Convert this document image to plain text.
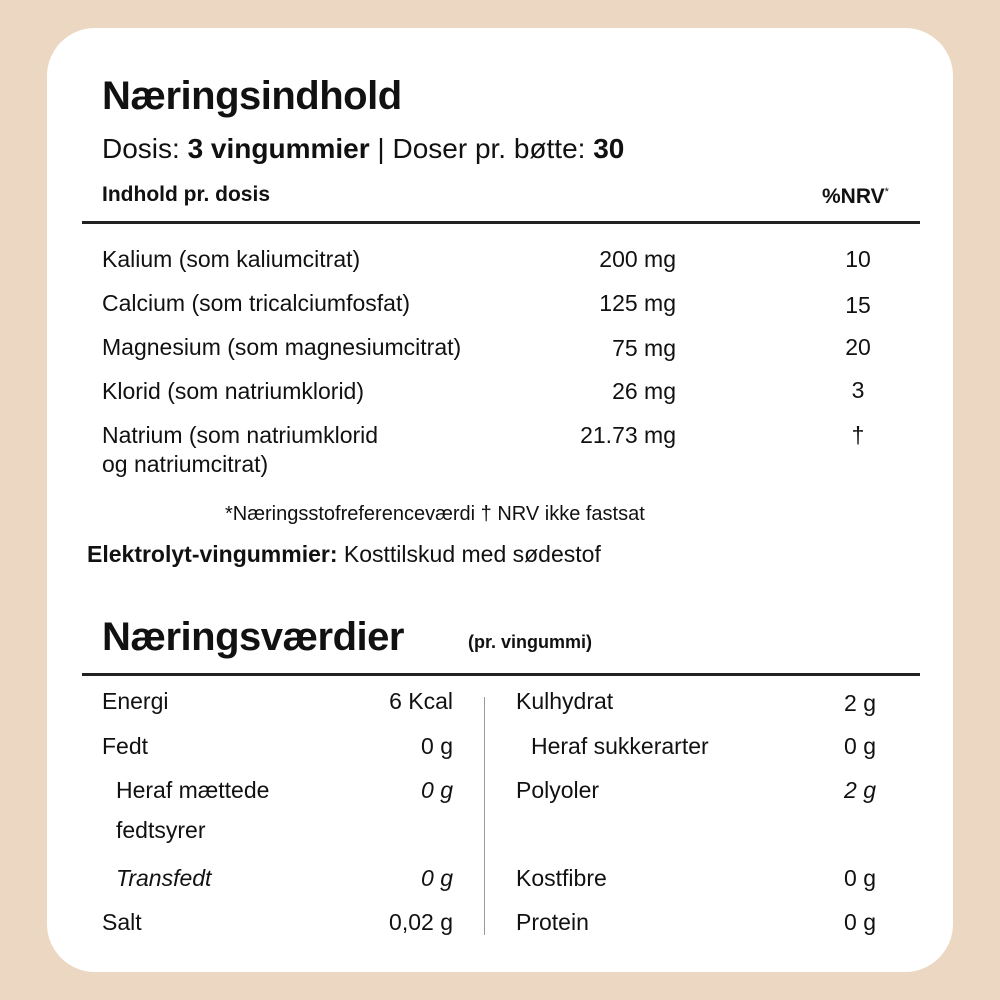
Næringsindhold
Dosis: 3 vingummier | Doser pr. bøtte: 30
Indhold pr. dosis	%NRV*
Kalium (som kaliumcitrat)	200 mg	10
Calcium (som tricalciumfosfat)	125 mg	15
Magnesium (som magnesiumcitrat)	75 mg	20
Klorid (som natriumklorid)	26 mg	3
Natrium (som natriumklorid
og natriumcitrat)
21.73 mg	†
*Næringsstofreferenceværdi † NRV ikke fastsat
Elektrolyt-vingummier: Kosttilskud med sødestof
Næringsværdier	(pr. vingummi)
Energi	6 Kcal
Fedt	0 g
Heraf mættede
fedtsyrer
0 g
Transfedt	0 g
Salt	0,02 g
Kulhydrat	2 g
Heraf sukkerarter	0 g
Polyoler	2 g
Kostfibre	0 g
Protein	0 g
